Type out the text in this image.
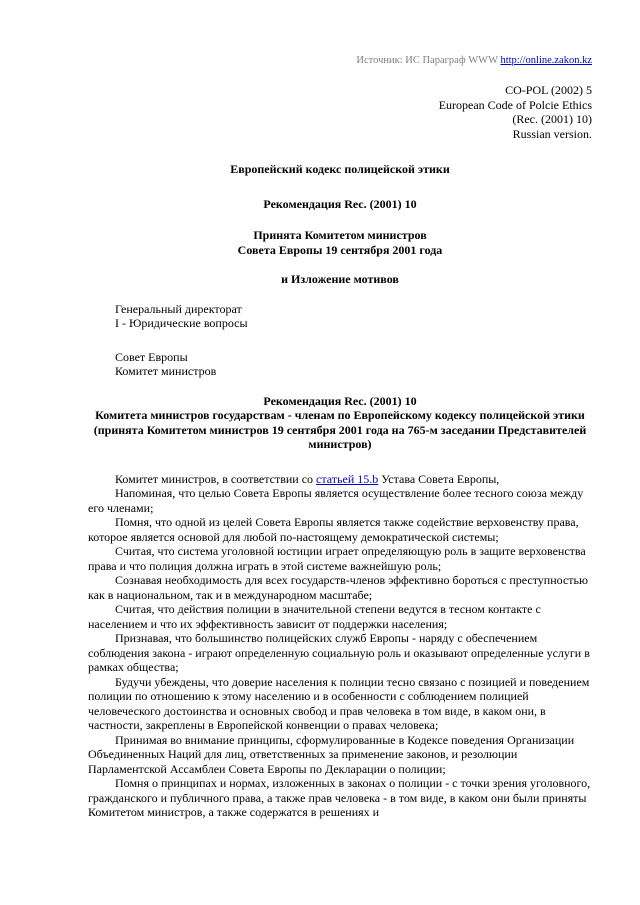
Источник: ИС Параграф WWW http://online.zakon.kz
CO-POL (2002) 5
European Code of Polcie Ethics
(Rec. (2001) 10)
Russian version.
Европейский кодекс полицейской этики
Рекомендация Rec. (2001) 10
Принята Комитетом министров
Совета Европы 19 сентября 2001 года
и Изложение мотивов
Генеральный директорат
I - Юридические вопросы
Совет Европы
Комитет министров
Рекомендация Rec. (2001) 10
Комитета министров государствам - членам по Европейскому кодексу полицейской этики
(принята Комитетом министров 19 сентября 2001 года на 765-м заседании Представителей министров)

Комитет министров, в соответствии со статьей 15.b Устава Совета Европы,

Напоминая, что целью Совета Европы является осуществление более тесного союза между его членами;

Помня, что одной из целей Совета Европы является также содействие верховенству права, которое является основой для любой по-настоящему демократической системы;

Считая, что система уголовной юстиции играет определяющую роль в защите верховенства права и что полиция должна играть в этой системе важнейшую роль;

Сознавая необходимость для всех государств-членов эффективно бороться с преступностью как в национальном, так и в международном масштабе;

Считая, что действия полиции в значительной степени ведутся в тесном контакте с населением и что их эффективность зависит от поддержки населения;

Признавая, что большинство полицейских служб Европы - наряду с обеспечением соблюдения закона - играют определенную социальную роль и оказывают определенные услуги в рамках общества;

Будучи убеждены, что доверие населения к полиции тесно связано с позицией и поведением полиции по отношению к этому населению и в особенности с соблюдением полицией человеческого достоинства и основных свобод и прав человека в том виде, в каком они, в частности, закреплены в Европейской конвенции о правах человека;

Принимая во внимание принципы, сформулированные в Кодексе поведения Организации Объединенных Наций для лиц, ответственных за применение законов, и резолюции Парламентской Ассамблеи Совета Европы по Декларации о полиции;

Помня о принципах и нормах, изложенных в законах о полиции - с точки зрения уголовного, гражданского и публичного права, а также прав человека - в том виде, в каком они были приняты Комитетом министров, а также содержатся в решениях и
